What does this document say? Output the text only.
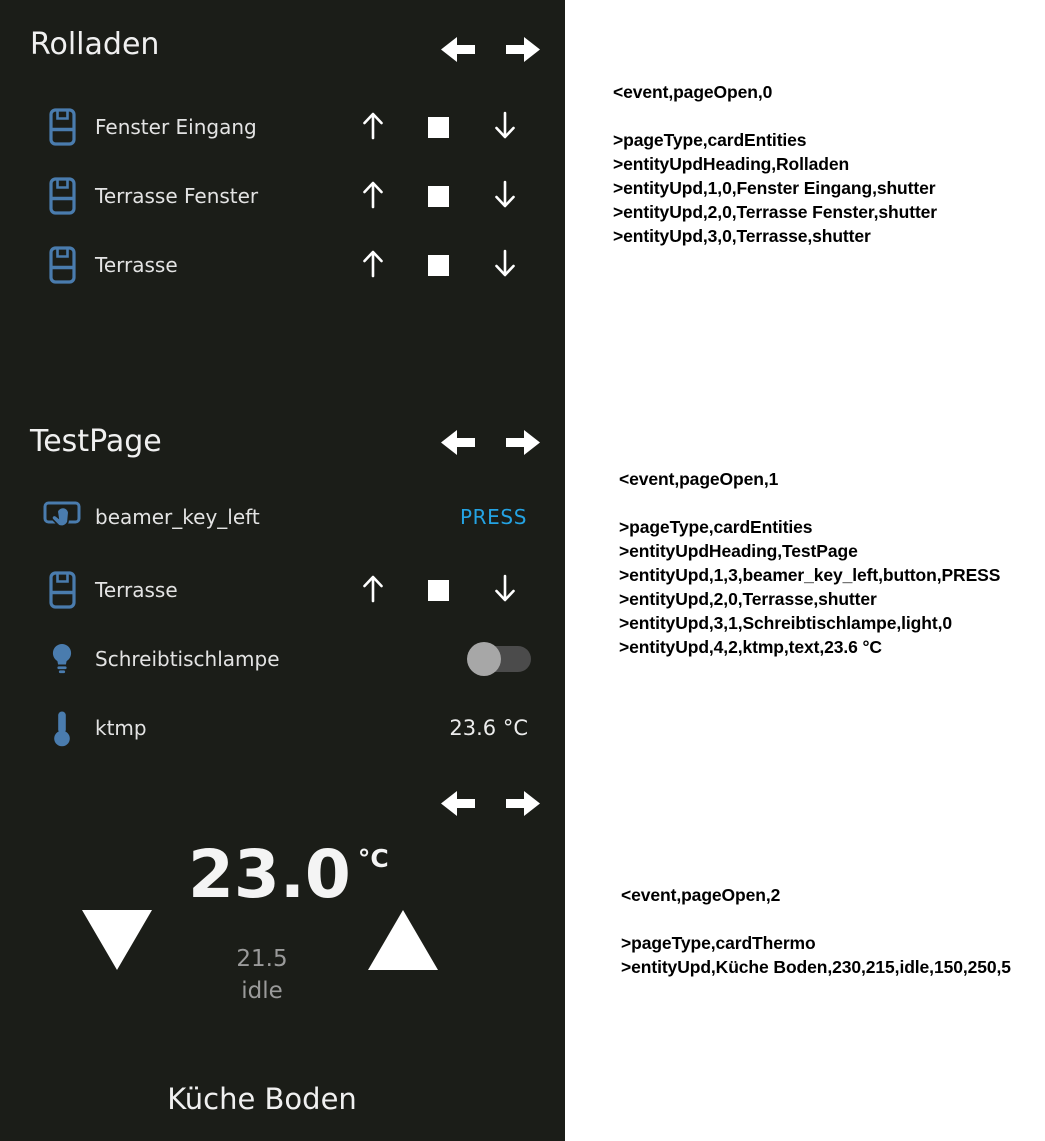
23.0 °C
21.5
idle
Küche Boden
Rolladen
Fenster Eingang
Terrasse Fenster
Terrasse
TestPage
beamer_key_left	PRESS
Terrasse
Schreibtischlampe
ktmp	23.6 °C
<event,pageOpen,0
>pageType,cardEntities
>entityUpdHeading,Rolladen
>entityUpd,1,0,Fenster Eingang,shutter
>entityUpd,2,0,Terrasse Fenster,shutter
>entityUpd,3,0,Terrasse,shutter
<event,pageOpen,1
>pageType,cardEntities
>entityUpdHeading,TestPage
>entityUpd,1,3,beamer_key_left,button,PRESS
>entityUpd,2,0,Terrasse,shutter
>entityUpd,3,1,Schreibtischlampe,light,0
>entityUpd,4,2,ktmp,text,23.6 °C
<event,pageOpen,2
>pageType,cardThermo
>entityUpd,Küche Boden,230,215,idle,150,250,5
